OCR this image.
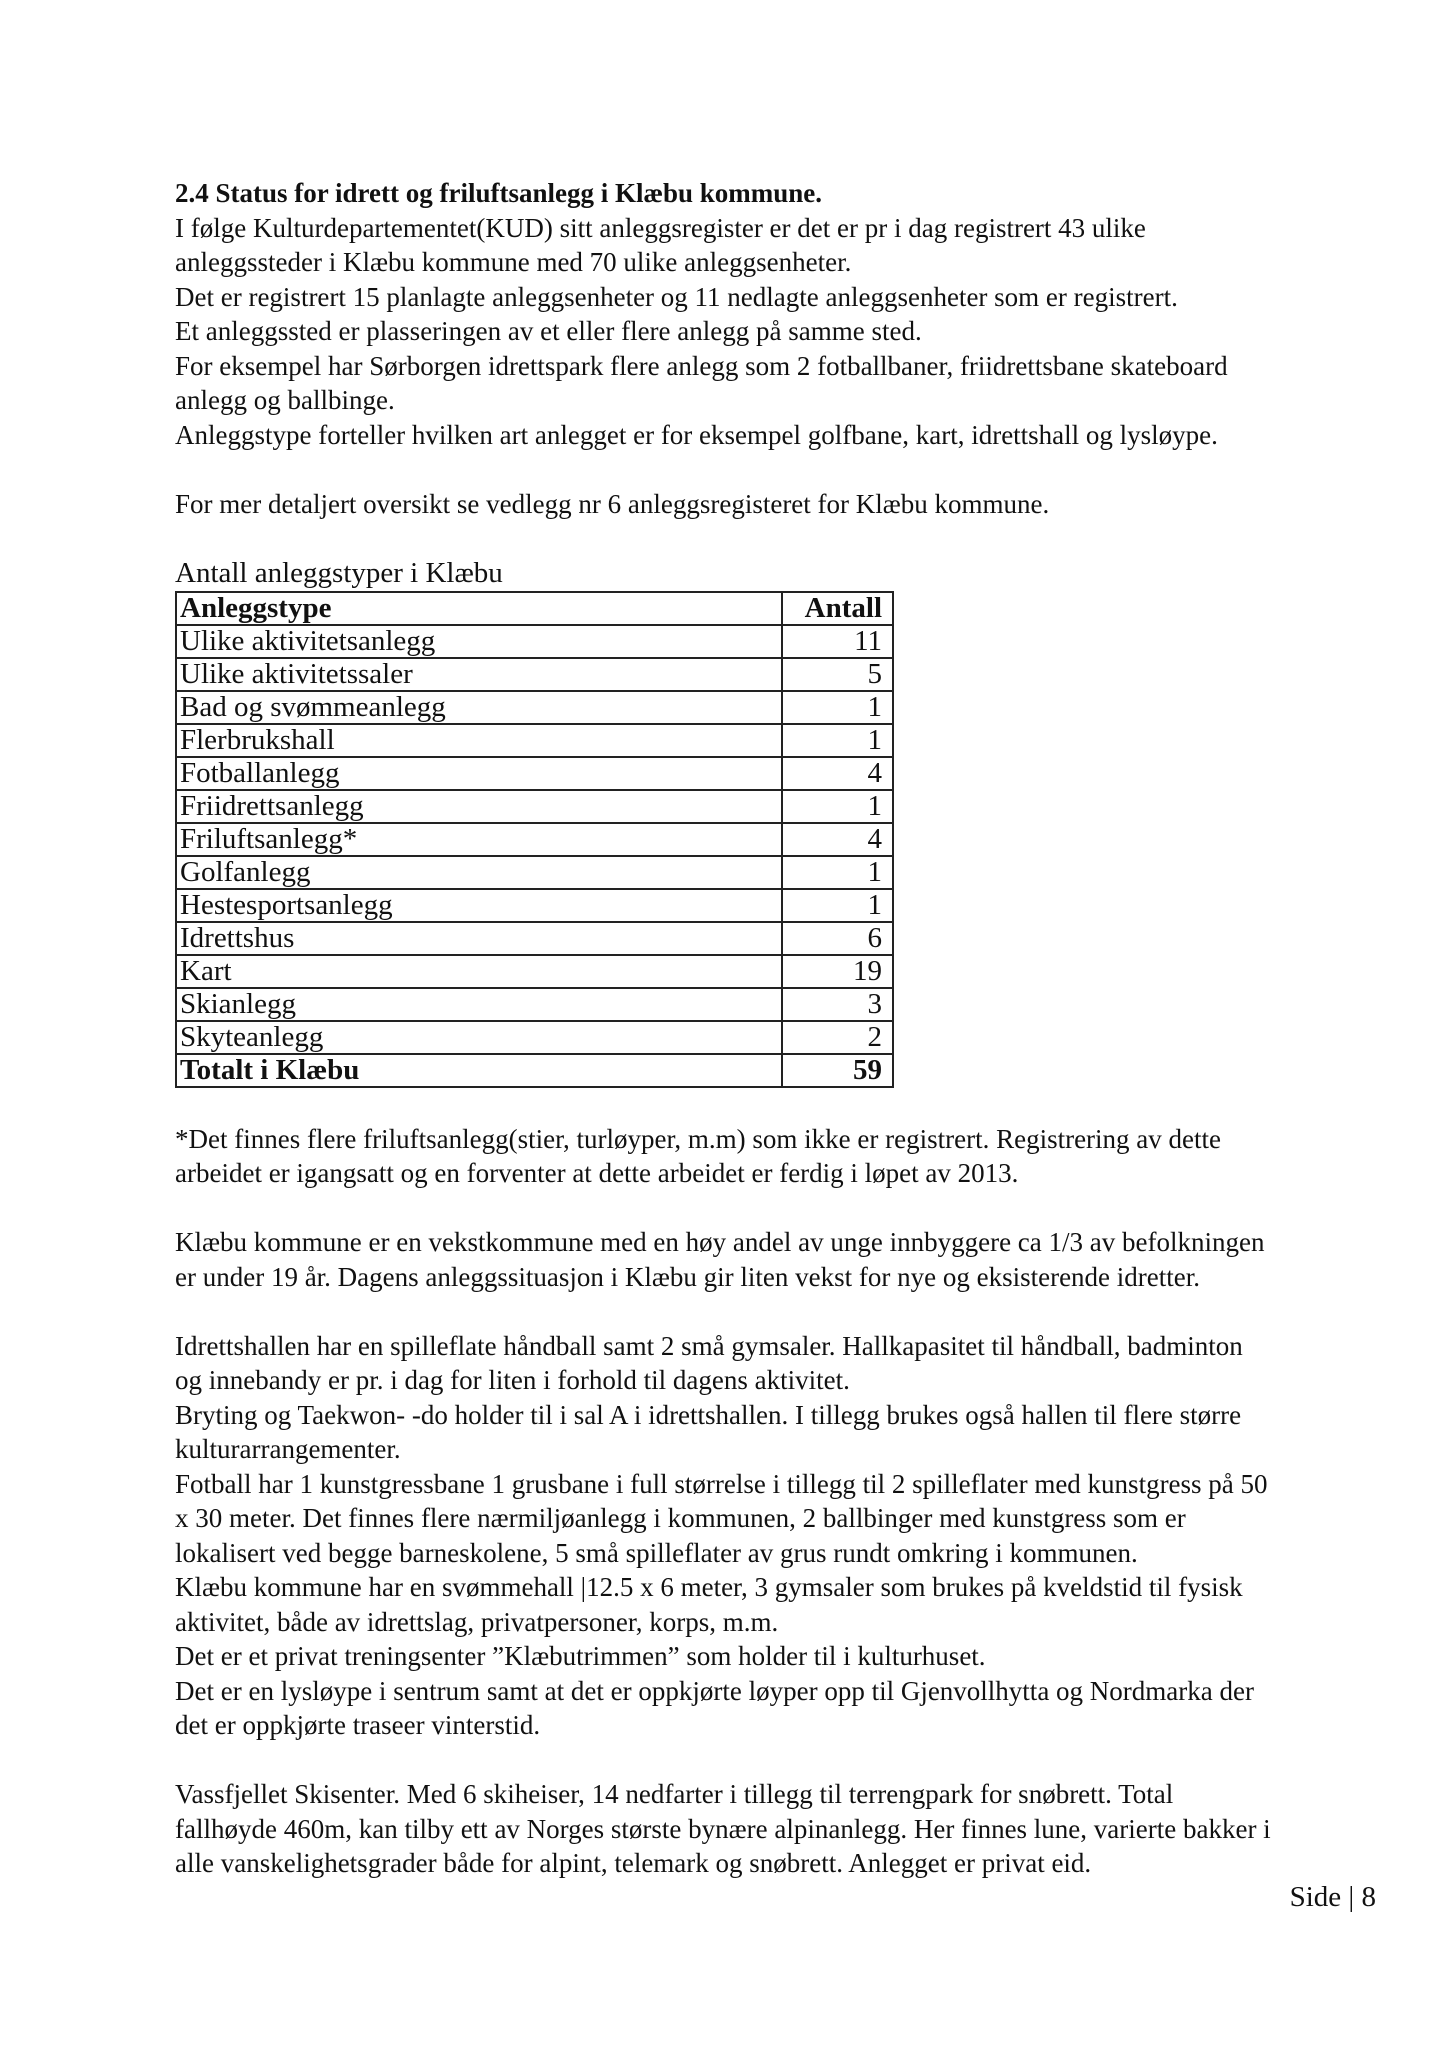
2.4 Status for idrett og friluftsanlegg i Klæbu kommune.

I følge Kulturdepartementet(KUD) sitt anleggsregister er det er pr i dag registrert 43 ulike

anleggssteder i Klæbu kommune med 70 ulike anleggsenheter.

Det er registrert 15 planlagte anleggsenheter og 11 nedlagte anleggsenheter som er registrert.

Et anleggssted er plasseringen av et eller flere anlegg på samme sted.

For eksempel har Sørborgen idrettspark flere anlegg som 2 fotballbaner, friidrettsbane skateboard

anlegg og ballbinge.

Anleggstype forteller hvilken art anlegget er for eksempel golfbane, kart, idrettshall og lysløype.

For mer detaljert oversikt se vedlegg nr 6 anleggsregisteret for Klæbu kommune.

Antall anleggstyper i Klæbu

Anleggstype	Antall
Ulike aktivitetsanlegg	11
Ulike aktivitetssaler	5
Bad og svømmeanlegg	1
Flerbrukshall	1
Fotballanlegg	4
Friidrettsanlegg	1
Friluftsanlegg*	4
Golfanlegg	1
Hestesportsanlegg	1
Idrettshus	6
Kart	19
Skianlegg	3
Skyteanlegg	2
Totalt i Klæbu	59

*Det finnes flere friluftsanlegg(stier, turløyper, m.m) som ikke er registrert. Registrering av dette

arbeidet er igangsatt og en forventer at dette arbeidet er ferdig i løpet av 2013.

Klæbu kommune er en vekstkommune med en høy andel av unge innbyggere ca 1/3 av befolkningen

er under 19 år. Dagens anleggssituasjon i Klæbu gir liten vekst for nye og eksisterende idretter.

Idrettshallen har en spilleflate håndball samt 2 små gymsaler. Hallkapasitet til håndball, badminton

og innebandy er pr. i dag for liten i forhold til dagens aktivitet.

Bryting og Taekwon- -do holder til i sal A i idrettshallen. I tillegg brukes også hallen til flere større

kulturarrangementer.

Fotball har 1 kunstgressbane 1 grusbane i full størrelse i tillegg til 2 spilleflater med kunstgress på 50

x 30 meter. Det finnes flere nærmiljøanlegg i kommunen, 2 ballbinger med kunstgress som er

lokalisert ved begge barneskolene, 5 små spilleflater av grus rundt omkring i kommunen.

Klæbu kommune har en svømmehall |12.5 x 6 meter, 3 gymsaler som brukes på kveldstid til fysisk

aktivitet, både av idrettslag, privatpersoner, korps, m.m.

Det er et privat treningsenter ”Klæbutrimmen” som holder til i kulturhuset.

Det er en lysløype i sentrum samt at det er oppkjørte løyper opp til Gjenvollhytta og Nordmarka der

det er oppkjørte traseer vinterstid.

Vassfjellet Skisenter. Med 6 skiheiser, 14 nedfarter i tillegg til terrengpark for snøbrett. Total

fallhøyde 460m, kan tilby ett av Norges største bynære alpinanlegg. Her finnes lune, varierte bakker i

alle vanskelighetsgrader både for alpint, telemark og snøbrett. Anlegget er privat eid.

Side | 8
